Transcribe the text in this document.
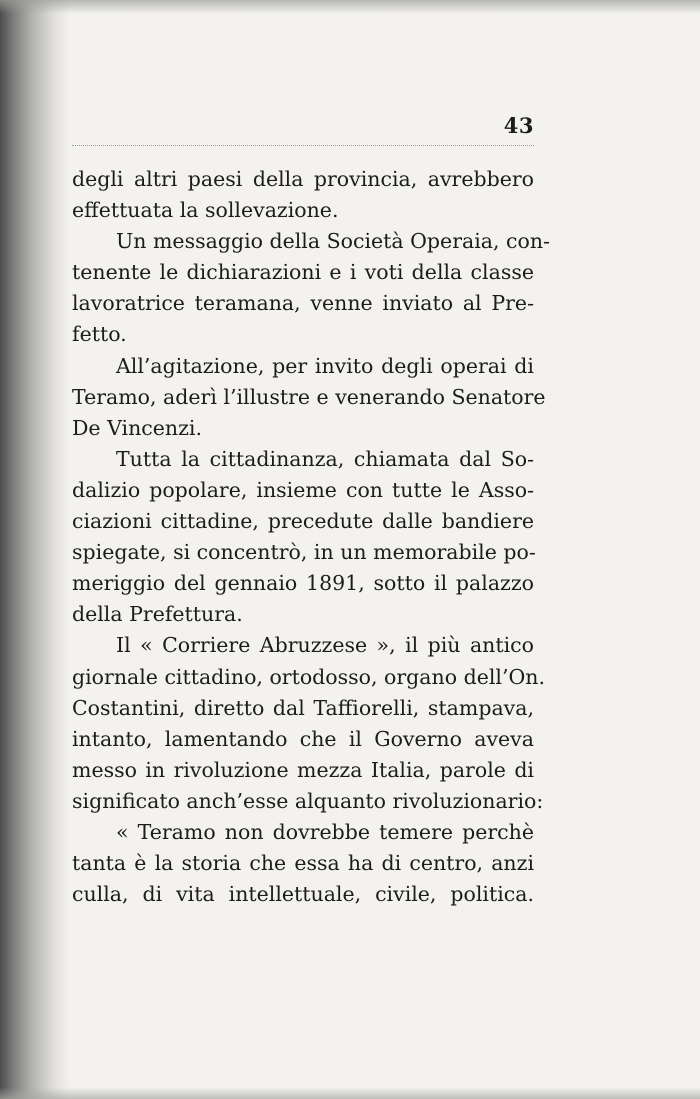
43
degli altri paesi della provincia, avrebbero
effettuata la sollevazione.
Un messaggio della Società Operaia, con-
tenente le dichiarazioni e i voti della classe
lavoratrice teramana, venne inviato al Pre-
fetto.
All’agitazione, per invito degli operai di
Teramo, aderì l’illustre e venerando Senatore
De Vincenzi.
Tutta la cittadinanza, chiamata dal So-
dalizio popolare, insieme con tutte le Asso-
ciazioni cittadine, precedute dalle bandiere
spiegate, si concentrò, in un memorabile po-
meriggio del gennaio 1891, sotto il palazzo
della Prefettura.
Il « Corriere Abruzzese », il più antico
giornale cittadino, ortodosso, organo dell’On.
Costantini, diretto dal Taffiorelli, stampava,
intanto, lamentando che il Governo aveva
messo in rivoluzione mezza Italia, parole di
significato anch’esse alquanto rivoluzionario:
« Teramo non dovrebbe temere perchè
tanta è la storia che essa ha di centro, anzi
culla, di vita intellettuale, civile, politica.
